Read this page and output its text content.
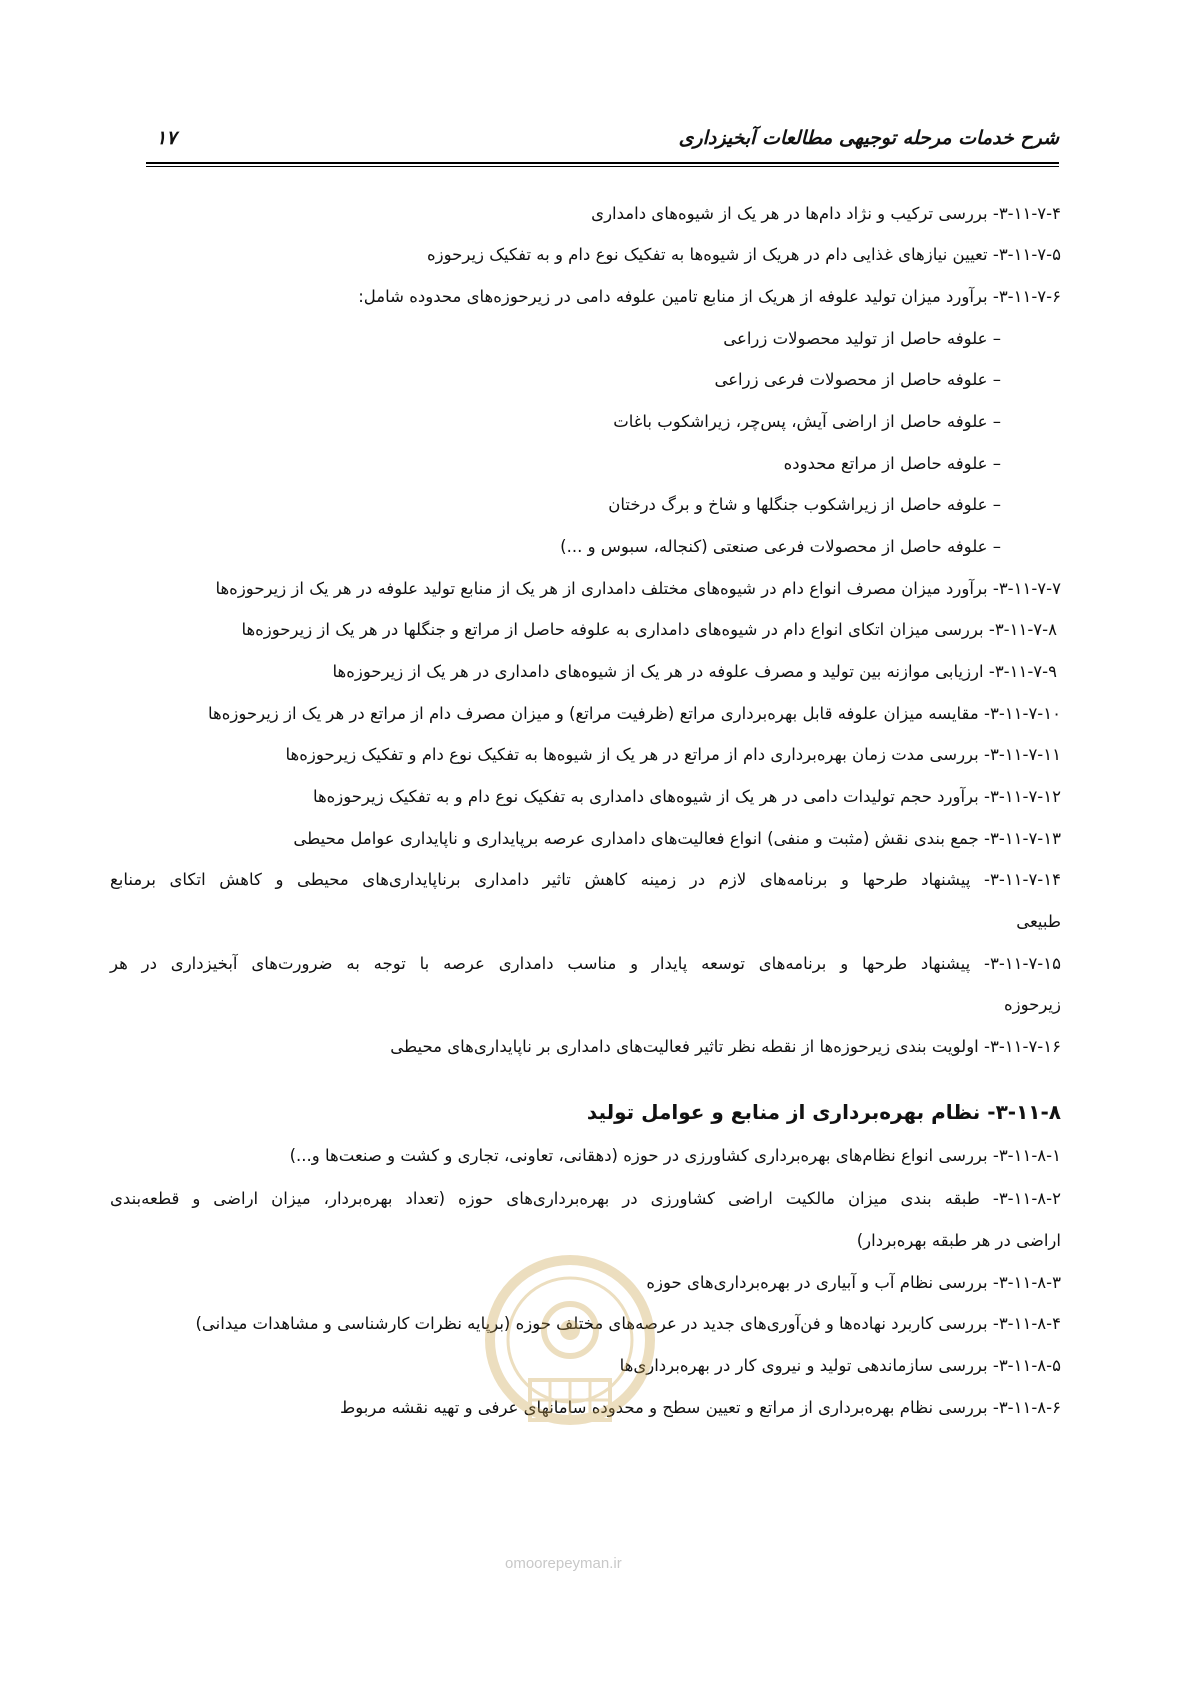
شرح خدمات مرحله توجیهی مطالعات آبخیزداری
۱۷
۳-۱۱-۷-۴- بررسی ترکیب و نژاد دام‌ها در هر یک از شیوه‌های دامداری
۳-۱۱-۷-۵- تعیین نیازهای غذایی دام در هریک از شیوه‌ها به تفکیک نوع دام و به تفکیک زیرحوزه
۳-۱۱-۷-۶- برآورد میزان تولید علوفه از هریک از منابع تامین علوفه دامی در زیرحوزه‌های محدوده شامل:
– علوفه حاصل از تولید محصولات زراعی
– علوفه حاصل از محصولات فرعی زراعی
– علوفه حاصل از اراضی آیش، پس‌چر، زیراشکوب باغات
– علوفه حاصل از مراتع محدوده
– علوفه حاصل از زیراشکوب جنگلها و شاخ و برگ درختان
– علوفه حاصل از محصولات فرعی صنعتی (کنجاله، سبوس و ...)
۳-۱۱-۷-۷- برآورد میزان مصرف انواع دام در شیوه‌های مختلف دامداری از هر یک از منابع تولید علوفه در هر یک از زیرحوزه‌ها
۳-۱۱-۷-۸- بررسی میزان اتکای انواع دام در شیوه‌های دامداری به علوفه حاصل از مراتع و جنگلها در هر یک از زیرحوزه‌ها
۳-۱۱-۷-۹- ارزیابی موازنه بین تولید و مصرف علوفه در هر یک از شیوه‌های دامداری در هر یک از زیرحوزه‌ها
۳-۱۱-۷-۱۰- مقایسه میزان علوفه قابل بهره‌برداری مراتع (ظرفیت مراتع) و میزان مصرف دام از مراتع در هر یک از زیرحوزه‌ها
۳-۱۱-۷-۱۱- بررسی مدت زمان بهره‌برداری دام از مراتع در هر یک از شیوه‌ها به تفکیک نوع دام و تفکیک زیرحوزه‌ها
۳-۱۱-۷-۱۲- برآورد حجم تولیدات دامی در هر یک از شیوه‌های دامداری به تفکیک نوع دام و به تفکیک زیرحوزه‌ها
۳-۱۱-۷-۱۳- جمع بندی نقش (مثبت و منفی) انواع فعالیت‌های دامداری عرصه برپایداری و ناپایداری عوامل محیطی
۳-۱۱-۷-۱۴- پیشنهاد طرحها و برنامه‌های لازم در زمینه کاهش تاثیر دامداری برناپایداری‌های محیطی و کاهش اتکای برمنابع
طبیعی
۳-۱۱-۷-۱۵- پیشنهاد طرحها و برنامه‌های توسعه پایدار و مناسب دامداری عرصه با توجه به ضرورت‌های آبخیزداری در هر
زیرحوزه
۳-۱۱-۷-۱۶- اولویت بندی زیرحوزه‌ها از نقطه نظر تاثیر فعالیت‌های دامداری بر ناپایداری‌های محیطی
۳-۱۱-۸- نظام بهره‌برداری از منابع و عوامل تولید
۳-۱۱-۸-۱- بررسی انواع نظام‌های بهره‌برداری کشاورزی در حوزه (دهقانی، تعاونی، تجاری و کشت و صنعت‌ها و...)
۳-۱۱-۸-۲- طبقه بندی میزان مالکیت اراضی کشاورزی در بهره‌برداری‌های حوزه (تعداد بهره‌بردار، میزان اراضی و قطعه‌بندی
اراضی در هر طبقه بهره‌بردار)
۳-۱۱-۸-۳- بررسی نظام آب و آبیاری در بهره‌برداری‌های حوزه
۳-۱۱-۸-۴- بررسی کاربرد نهاده‌ها و فن‌آوری‌های جدید در عرصه‌های مختلف حوزه (برپایه نظرات کارشناسی و مشاهدات میدانی)
۳-۱۱-۸-۵- بررسی سازماندهی تولید و نیروی کار در بهره‌برداری‌ها
۳-۱۱-۸-۶- بررسی نظام بهره‌برداری از مراتع و تعیین سطح و محدوده سامانهای عرفی و تهیه نقشه مربوط
omoorepeyman.ir
